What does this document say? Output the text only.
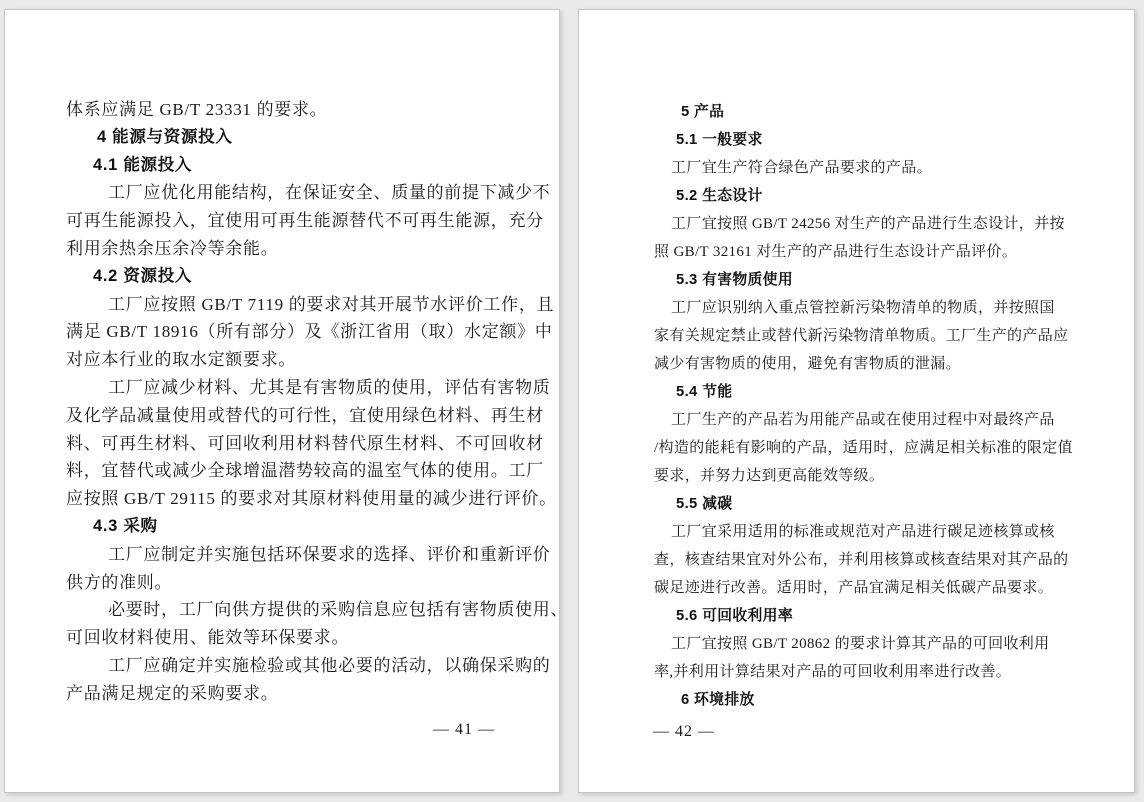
体系应满足 GB/T 23331 的要求。
4 能源与资源投入
4.1 能源投入
工厂应优化用能结构，在保证安全、质量的前提下减少不
可再生能源投入，宜使用可再生能源替代不可再生能源，充分
利用余热余压余冷等余能。
4.2 资源投入
工厂应按照 GB/T 7119 的要求对其开展节水评价工作，且
满足 GB/T 18916（所有部分）及《浙江省用（取）水定额》中
对应本行业的取水定额要求。
工厂应减少材料、尤其是有害物质的使用，评估有害物质
及化学品减量使用或替代的可行性，宜使用绿色材料、再生材
料、可再生材料、可回收利用材料替代原生材料、不可回收材
料，宜替代或减少全球增温潜势较高的温室气体的使用。工厂
应按照 GB/T 29115 的要求对其原材料使用量的减少进行评价。
4.3 采购
工厂应制定并实施包括环保要求的选择、评价和重新评价
供方的准则。
必要时，工厂向供方提供的采购信息应包括有害物质使用、
可回收材料使用、能效等环保要求。
工厂应确定并实施检验或其他必要的活动，以确保采购的
产品满足规定的采购要求。
— 41 —
5 产品
5.1 一般要求
工厂宜生产符合绿色产品要求的产品。
5.2 生态设计
工厂宜按照 GB/T 24256 对生产的产品进行生态设计，并按
照 GB/T 32161 对生产的产品进行生态设计产品评价。
5.3 有害物质使用
工厂应识别纳入重点管控新污染物清单的物质，并按照国
家有关规定禁止或替代新污染物清单物质。工厂生产的产品应
减少有害物质的使用，避免有害物质的泄漏。
5.4 节能
工厂生产的产品若为用能产品或在使用过程中对最终产品
/构造的能耗有影响的产品，适用时，应满足相关标准的限定值
要求，并努力达到更高能效等级。
5.5 减碳
工厂宜采用适用的标准或规范对产品进行碳足迹核算或核
查，核查结果宜对外公布，并利用核算或核查结果对其产品的
碳足迹进行改善。适用时，产品宜满足相关低碳产品要求。
5.6 可回收利用率
工厂宜按照 GB/T 20862 的要求计算其产品的可回收利用
率,并利用计算结果对产品的可回收利用率进行改善。
6 环境排放
— 42 —
